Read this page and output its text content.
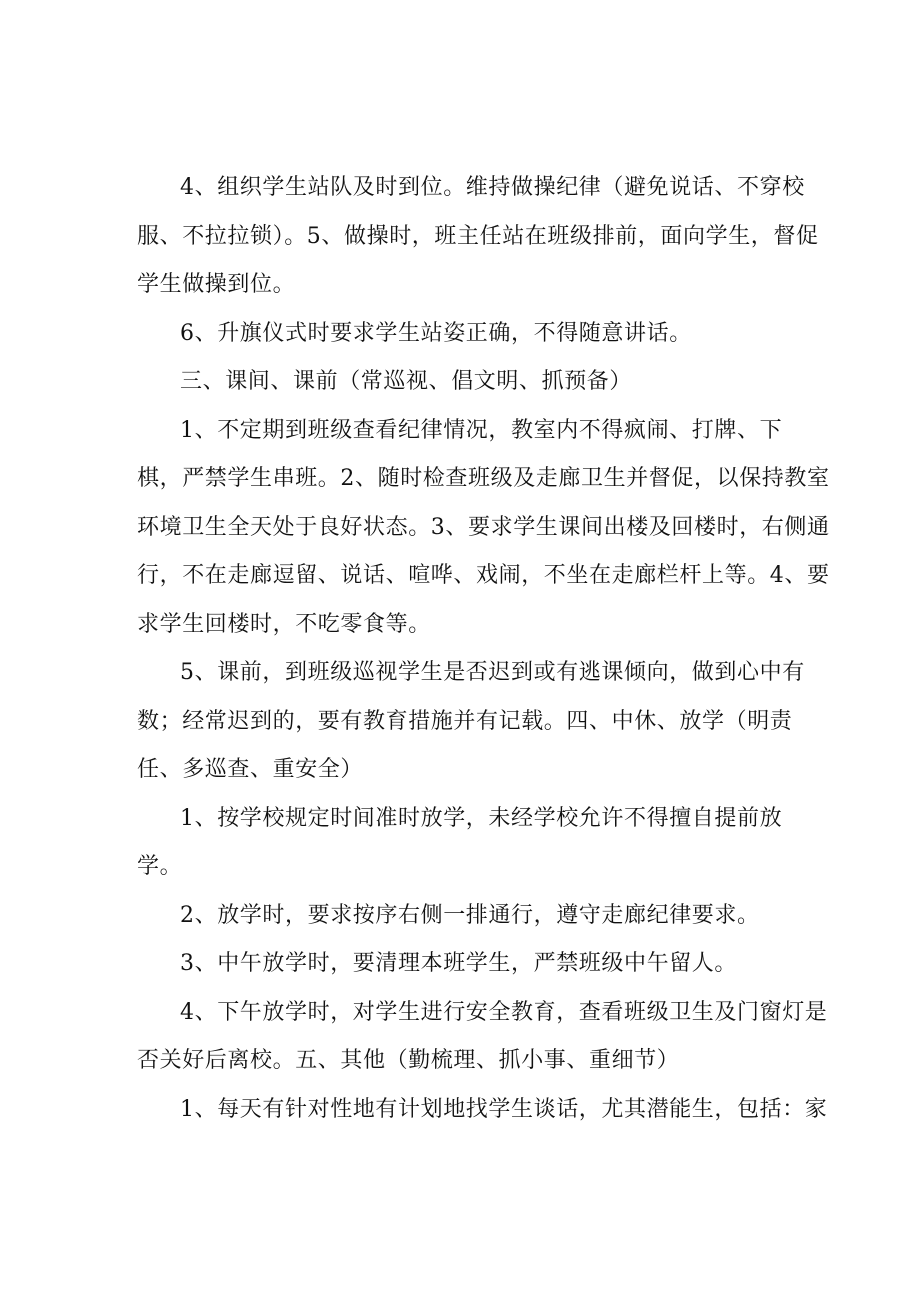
4、组织学生站队及时到位。维持做操纪律（避免说话、不穿校
服、不拉拉锁）。5、做操时，班主任站在班级排前，面向学生，督促
学生做操到位。
6、升旗仪式时要求学生站姿正确，不得随意讲话。
三、课间、课前（常巡视、倡文明、抓预备）
1、不定期到班级查看纪律情况，教室内不得疯闹、打牌、下
棋，严禁学生串班。2、随时检查班级及走廊卫生并督促，以保持教室
环境卫生全天处于良好状态。3、要求学生课间出楼及回楼时，右侧通
行，不在走廊逗留、说话、喧哗、戏闹，不坐在走廊栏杆上等。4、要
求学生回楼时，不吃零食等。
5、课前，到班级巡视学生是否迟到或有逃课倾向，做到心中有
数；经常迟到的，要有教育措施并有记载。四、中休、放学（明责
任、多巡查、重安全）
1、按学校规定时间准时放学，未经学校允许不得擅自提前放
学。
2、放学时，要求按序右侧一排通行，遵守走廊纪律要求。
3、中午放学时，要清理本班学生，严禁班级中午留人。
4、下午放学时，对学生进行安全教育，查看班级卫生及门窗灯是
否关好后离校。五、其他（勤梳理、抓小事、重细节）
1、每天有针对性地有计划地找学生谈话，尤其潜能生，包括：家
